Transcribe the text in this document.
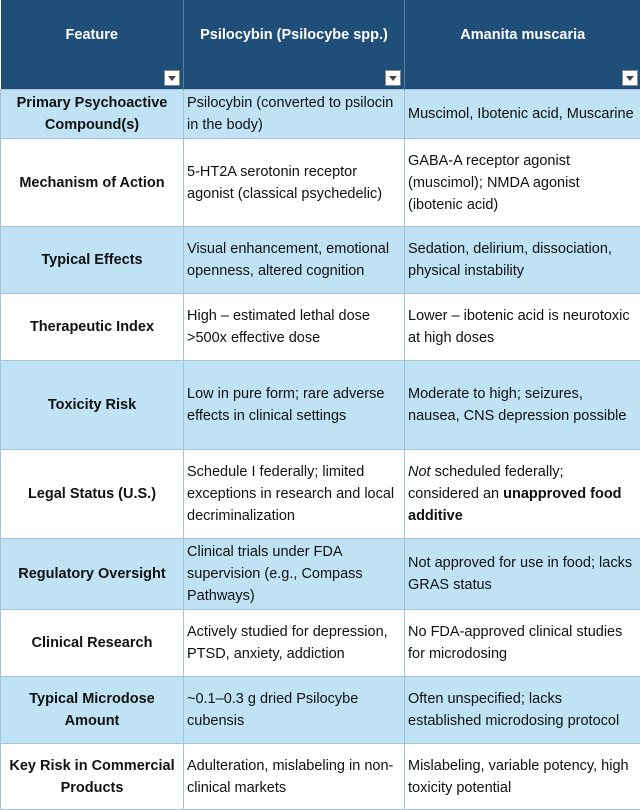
Feature	Psilocybin (Psilocybe spp.)	Amanita muscaria

Primary Psychoactive Compound(s)	Psilocybin (converted to psilocin in the body)	Muscimol, Ibotenic acid, Muscarine
Mechanism of Action	5-HT2A serotonin receptor agonist (classical psychedelic)	GABA-A receptor agonist (muscimol); NMDA agonist (ibotenic acid)
Typical Effects	Visual enhancement, emotional openness, altered cognition	Sedation, delirium, dissociation, physical instability
Therapeutic Index	High – estimated lethal dose >500x effective dose	Lower – ibotenic acid is neurotoxic at high doses
Toxicity Risk	Low in pure form; rare adverse effects in clinical settings	Moderate to high; seizures, nausea, CNS depression possible
Legal Status (U.S.)	Schedule I federally; limited exceptions in research and local decriminalization	Not scheduled federally; considered an unapproved food additive
Regulatory Oversight	Clinical trials under FDA supervision (e.g., Compass Pathways)	Not approved for use in food; lacks GRAS status
Clinical Research	Actively studied for depression, PTSD, anxiety, addiction	No FDA-approved clinical studies for microdosing
Typical Microdose Amount	~0.1–0.3 g dried Psilocybe cubensis	Often unspecified; lacks established microdosing protocol
Key Risk in Commercial Products	Adulteration, mislabeling in non-clinical markets	Mislabeling, variable potency, high toxicity potential
